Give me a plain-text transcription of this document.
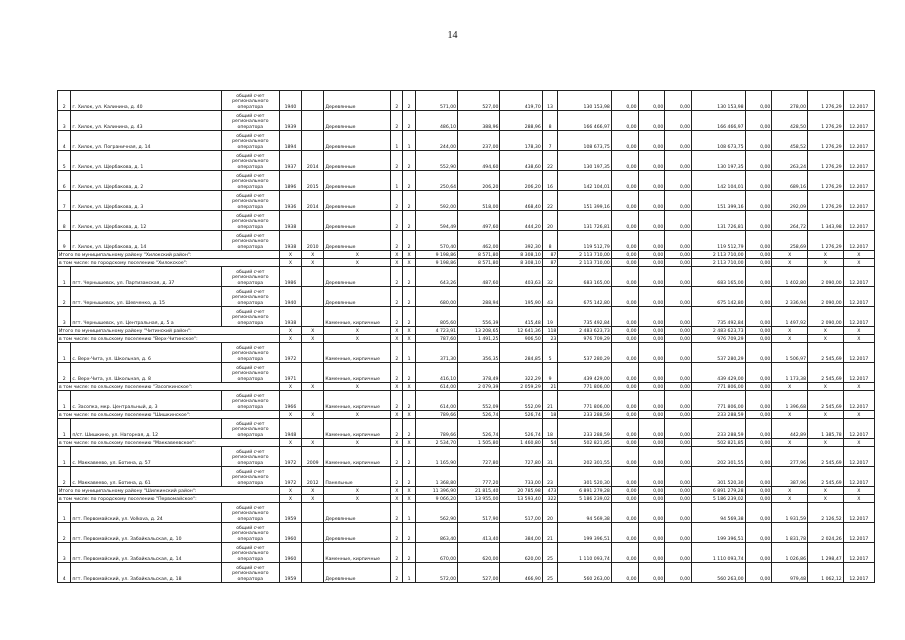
14
2	г. Хилок, ул. Калинина, д. 40	общий счет регионального оператора	1940		Деревянные	2	2	571,00	527,00	419,70	13	130 153,98	0,00	0,00	0,00	130 153,98	0,00	278,00	1 276,29	12.2017
3	г. Хилок, ул. Калинина, д. 43	общий счет регионального оператора	1939		Деревянные	2	2	486,10	388,96	288,96	8	166 466,97	0,00	0,00	0,00	166 466,97	0,00	428,50	1 276,29	12.2017
4	г. Хилок, ул. Пограничная, д. 14	общий счет регионального оператора	1894		Деревянные	1	1	244,00	237,00	178,30	7	108 673,75	0,00	0,00	0,00	108 673,75	0,00	458,52	1 276,29	12.2017
5	г. Хилок, ул. Щербакова, д. 1	общий счет регионального оператора	1937	2014	Деревянные	2	2	552,90	494,60	438,60	22	130 197,35	0,00	0,00	0,00	130 197,35	0,00	263,24	1 276,29	12.2017
6	г. Хилок, ул. Щербакова, д. 2	общий счет регионального оператора	1896	2015	Деревянные	1	2	250,64	206,20	206,20	16	142 104,01	0,00	0,00	0,00	142 104,01	0,00	689,16	1 276,29	12.2017
7	г. Хилок, ул. Щербакова, д. 3	общий счет регионального оператора	1936	2014	Деревянные	2	2	592,00	518,00	468,40	22	151 399,16	0,00	0,00	0,00	151 399,16	0,00	292,09	1 276,29	12.2017
8	г. Хилок, ул. Щербакова, д. 12	общий счет регионального оператора	1938		Деревянные	2	2	594,49	497,60	444,20	20	131 726,81	0,00	0,00	0,00	131 726,81	0,00	264,72	1 343,98	12.2017
9	г. Хилок, ул. Щербакова, д. 14	общий счет регионального оператора	1938	2010	Деревянные	2	2	570,40	462,00	392,30	8	119 512,79	0,00	0,00	0,00	119 512,79	0,00	258,69	1 276,29	12.2017
Итого по муниципальному району "Хилокский район":			X	X	X	X	X	9 198,86	8 571,80	8 308,10	87	2 113 710,00	0,00	0,00	0,00	2 113 710,00	0,00	X	X	X
в том числе: по городскому поселению "Хилокское":			X	X	X	X	X	9 198,86	8 571,80	8 308,10	87	2 113 710,00	0,00	0,00	0,00	2 113 710,00	0,00	X	X	X
1	пгт. Чернышевск, ул. Партизанская, д. 37	общий счет регионального оператора	1986		Деревянные	2	2	643,26	487,60	403,63	32	683 165,00	0,00	0,00	0,00	683 165,00	0,00	1 402,80	2 090,00	12.2017
2	пгт. Чернышевск, ул. Шевченко, д. 15	общий счет регионального оператора	1940		Деревянные	2	2	680,00	288,94	195,90	43	675 142,80	0,00	0,00	0,00	675 142,80	0,00	2 336,94	2 090,00	12.2017
3	пгт. Чернышевск, ул. Центральная, д. 5 а	общий счет регионального оператора	1938		Каменные, кирпичные	2	2	805,60	556,39	415,48	19	735 492,84	0,00	0,00	0,00	735 492,84	0,00	1 497,92	2 090,00	12.2017
Итого по муниципальному району "Читинский район":			X	X	X	X	X	4 723,91	13 208,65	12 641,36	118	2 483 623,73	0,00	0,00	0,00	2 483 623,73	0,00	X	X	X
в том числе: по сельскому поселению "Верх-Читинское":			X	X	X	X	X	787,60	1 491,25	906,50	23	976 709,29	0,00	0,00	0,00	976 709,29	0,00	X	X	X
1	с. Верх-Чита, ул. Школьная, д. 6	общий счет регионального оператора	1972		Каменные, кирпичные	2	1	371,30	356,35	284,85	5	537 280,29	0,00	0,00	0,00	537 280,29	0,00	1 506,97	2 545,69	12.2017
2	с. Верх-Чита, ул. Школьная, д. 8	общий счет регионального оператора	1971		Каменные, кирпичные	2	2	416,10	378,49	322,29	9	439 429,00	0,00	0,00	0,00	439 429,00	0,00	1 173,38	2 545,69	12.2017
в том числе: по сельскому поселению "Засопкинское":			X	X	X	X	X	614,00	2 079,39	2 059,29	21	771 806,00	0,00	0,00	0,00	771 806,00	0,00	X	X	X
1	с. Засопка, мкр. Центральный, д. 3	общий счет регионального оператора	1966		Каменные, кирпичные	2	2	614,00	552,09	552,09	21	771 806,00	0,00	0,00	0,00	771 806,00	0,00	1 396,68	2 545,69	12.2017
в том числе: по сельскому поселению "Шишкинское":			X	X	X	X	X	789,66	526,74	526,74	18	233 288,59	0,00	0,00	0,00	233 288,59	0,00	X	X	X
1	п/ст. Шишкино, ул. Нагорная, д. 12	общий счет регионального оператора	1948		Каменные, кирпичные	2	2	789,66	526,74	526,74	18	233 288,59	0,00	0,00	0,00	233 288,59	0,00	442,89	1 385,78	12.2017
в том числе: по сельскому поселению "Маккавеевское":			X	X	X	X	X	2 534,70	1 505,80	1 460,80	54	502 821,85	0,00	0,00	0,00	502 821,85	0,00	X	X	X
1	с. Маккавеево, ул. Ботина, д. 57	общий счет регионального оператора	1972	2009	Каменные, кирпичные	2	2	1 165,90	727,80	727,80	31	202 301,55	0,00	0,00	0,00	202 301,55	0,00	277,96	2 545,69	12.2017
2	с. Маккавеево, ул. Ботина, д. 61	общий счет регионального оператора	1972	2012	Панельные	2	2	1 368,80	777,20	733,00	23	301 520,30	0,00	0,00	0,00	301 520,30	0,00	387,96	2 545,69	12.2017
Итого по муниципальному району "Шилкинский район":			X	X	X	X	X	11 396,90	21 815,40	20 785,98	473	6 891 279,28	0,00	0,00	0,00	6 891 279,28	0,00	X	X	X
в том числе: по городскому поселению "Первомайское":			X	X	X	X	X	9 066,20	13 955,00	13 593,40	322	5 186 239,02	0,00	0,00	0,00	5 186 239,02	0,00	X	X	X
1	пгт. Первомайский, ул. Volkova, д. 24	общий счет регионального оператора	1959		Деревянные	2	1	562,90	517,90	517,00	20	94 569,38	0,00	0,00	0,00	94 569,38	0,00	1 931,59	2 126,52	12.2017
2	пгт. Первомайский, ул. Забайкальская, д. 10	общий счет регионального оператора	1960		Деревянные	2	2	863,40	413,40	384,00	21	199 396,51	0,00	0,00	0,00	199 396,51	0,00	1 831,78	2 024,26	12.2017
3	пгт. Первомайский, ул. Забайкальская, д. 14	общий счет регионального оператора	1960		Каменные, кирпичные	2	2	670,00	620,00	620,00	25	1 110 093,74	0,00	0,00	0,00	1 110 093,74	0,00	1 026,86	1 298,47	12.2017
4	пгт. Первомайский, ул. Забайкальская, д. 18	общий счет регионального оператора	1959		Деревянные	2	1	572,00	527,00	466,90	25	560 263,00	0,00	0,00	0,00	560 263,00	0,00	979,48	1 062,12	12.2017
